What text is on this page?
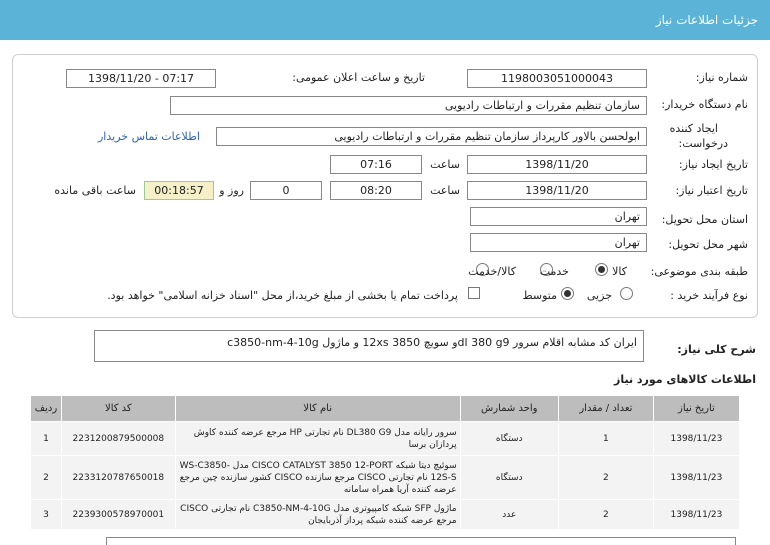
جزئیات اطلاعات نیاز
شماره نیاز:
1198003051000043
تاریخ و ساعت اعلان عمومی:
1398/11/20 - 07:17
نام دستگاه خریدار:
سازمان تنظیم مقررات و ارتباطات رادیویی
ایجاد کننده
درخواست:
ابولحسن بالاور کارپرداز سازمان تنظیم مقررات و ارتباطات رادیویی
اطلاعات تماس خریدار
تاریخ ایجاد نیاز:
1398/11/20
ساعت
07:16
تاریخ اعتبار نیاز:
1398/11/20
ساعت
08:20
0
روز و
00:18:57
ساعت باقی مانده
استان محل تحویل:
تهران
شهر محل تحویل:
تهران
طبقه بندی موضوعی:
کالا
خدمت
کالا/خدمت
نوع فرآیند خرید :
جزیی
متوسط
پرداخت تمام یا بخشی از مبلغ خرید،از محل "اسناد خزانه اسلامی" خواهد بود.
شرح کلی نیاز:
ایران کد مشابه اقلام سرور dl 380 g9و سویچ 3850 12xs و ماژول c3850-nm-4-10g
اطلاعات کالاهای مورد نیاز
تاریخ نیاز	تعداد / مقدار	واحد شمارش	نام کالا	کد کالا	ردیف
1398/11/23	1	دستگاه	سرور رایانه مدل DL380 G9 نام تجارتی HP مرجع عرضه کننده کاوش پردازان برسا	2231200879500008	1
1398/11/23	2	دستگاه	سوئیچ دیتا شبکه CISCO CATALYST 3850 12-PORT مدل WS-C3850-12S-S نام تجارتی CISCO مرجع سازنده CISCO کشور سازنده چین مرجع عرضه کننده آریا همراه سامانه	2233120787650018	2
1398/11/23	2	عدد	ماژول SFP شبکه کامپیوتری مدل C3850-NM-4-10G نام تجارتی CISCO مرجع عرضه کننده شبکه پرداز آذربایجان	2239300578970001	3
